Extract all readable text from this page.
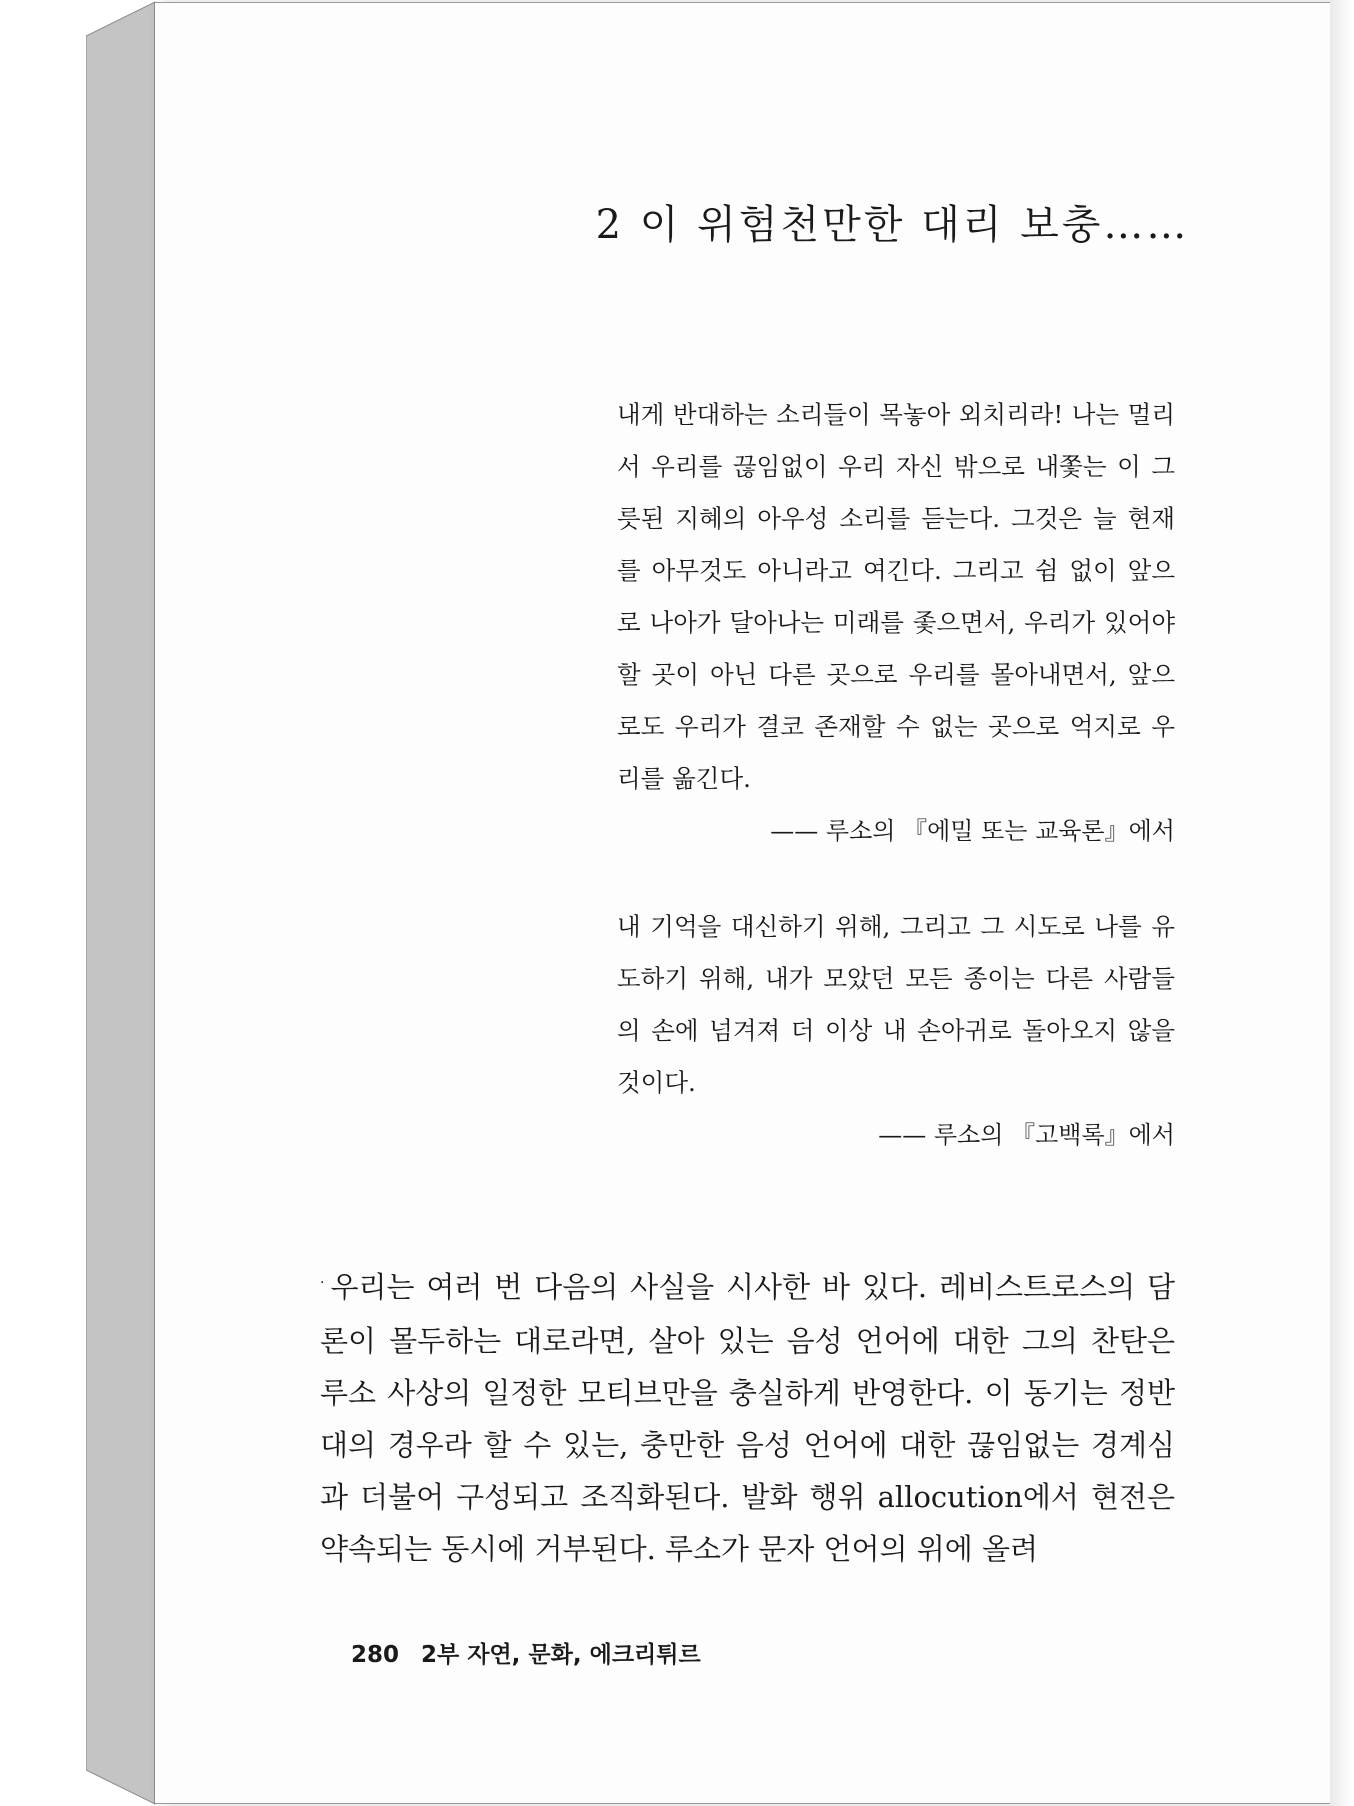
2 이 위험천만한 대리 보충……

내게 반대하는 소리들이 목놓아 외치리라! 나는 멀리서 우리를 끊임없이 우리 자신 밖으로 내쫓는 이 그릇된 지혜의 아우성 소리를 듣는다. 그것은 늘 현재를 아무것도 아니라고 여긴다. 그리고 쉼 없이 앞으로 나아가 달아나는 미래를 좇으면서, 우리가 있어야 할 곳이 아닌 다른 곳으로 우리를 몰아내면서, 앞으로도 우리가 결코 존재할 수 없는 곳으로 억지로 우리를 옮긴다.

—— 루소의 『에밀 또는 교육론』에서

내 기억을 대신하기 위해, 그리고 그 시도로 나를 유도하기 위해, 내가 모았던 모든 종이는 다른 사람들의 손에 넘겨져 더 이상 내 손아귀로 돌아오지 않을 것이다.

—— 루소의 『고백록』에서

· 우리는 여러 번 다음의 사실을 시사한 바 있다. 레비스트로스의 담론이 몰두하는 대로라면, 살아 있는 음성 언어에 대한 그의 찬탄은 루소 사상의 일정한 모티브만을 충실하게 반영한다. 이 동기는 정반대의 경우라 할 수 있는, 충만한 음성 언어에 대한 끊임없는 경계심과 더불어 구성되고 조직화된다. 발화 행위 allocution에서 현전은 약속되는 동시에 거부된다. 루소가 문자 언어의 위에 올려

280 2부 자연, 문화, 에크리튀르
